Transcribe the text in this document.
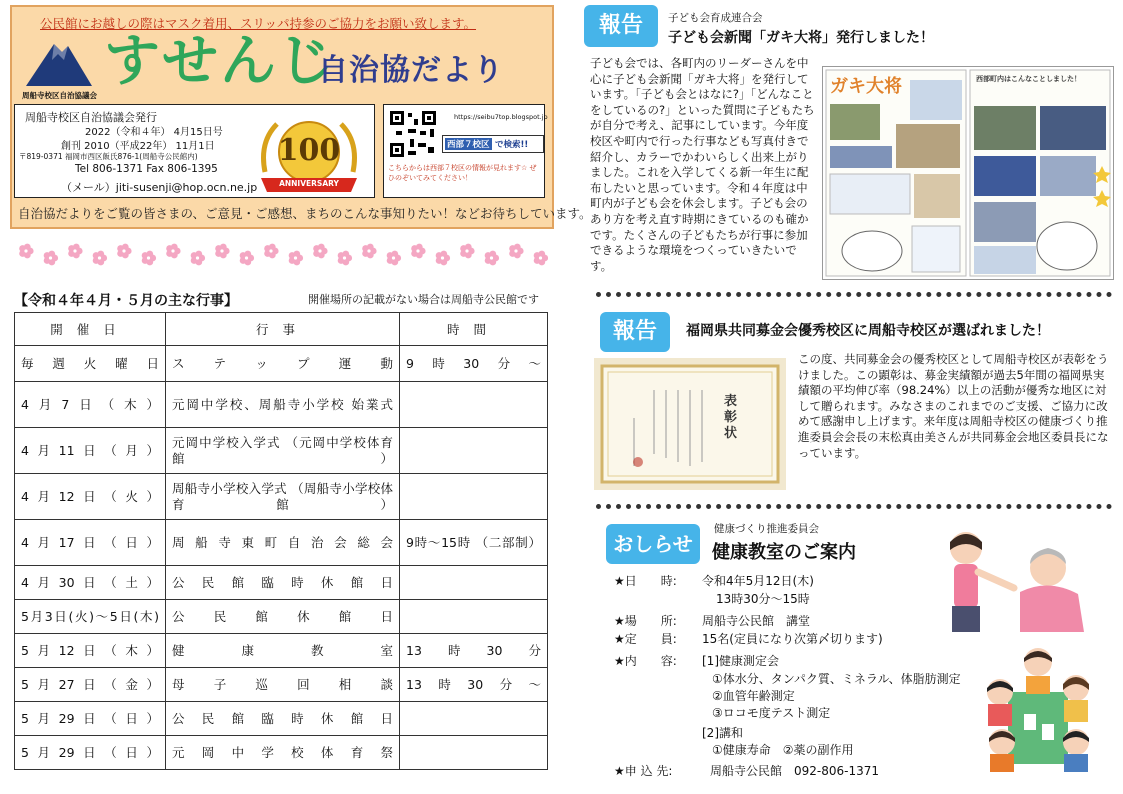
公民館にお越しの際はマスク着用、スリッパ持参のご協力をお願い致します。
すせんじ
自治協だより
周船寺校区自治協議会
周船寺校区自治協議会発行
2022（令和４年） 4月15日号
創刊 2010（平成22年） 11月1日
〒819-0371 福岡市西区飯氏876-1(周船寺公民館内)
Tel 806-1371 Fax 806-1395
（メール）jiti-susenji@hop.ocn.ne.jp
100
ANNIVERSARY
https://seibu7top.blogspot.jp
西部７校区 で検索!!
こちらからは西部７校区の情報が見れます☆ ぜひのぞいてみてください！
自治協だよりをご覧の皆さまの、ご意見・ご感想、まちのこんな事知りたい！などお待ちしています。
【令和４年４月・５月の主な行事】	開催場所の記載がない場合は周船寺公民館です
開催日	行事	時間
毎週火曜日	ステップ運動	9時30分～
4月7日（木）	元岡中学校、周船寺小学校 始業式	
4月11日（月）	元岡中学校入学式 （元岡中学校体育館）	
4月12日（火）	周船寺小学校入学式 （周船寺小学校体育館）	
4月17日（日）	周船寺東町自治会総会	9時～15時 （二部制）
4月30日（土）	公民館臨時休館日	
5月3日(火)～5日(木)	公民館休館日	
5月12日（木）	健康教室	13時30分
5月27日（金）	母子巡回相談	13時30分～
5月29日（日）	公民館臨時休館日	
5月29日（日）	元岡中学校体育祭	
報告	子ども会育成連合会
子ども会新聞「ガキ大将」発行しました！
子ども会では、各町内のリーダーさんを中心に子ども会新聞「ガキ大将」を発行しています。「子ども会とはなに?」「どんなことをしているの?」といった質問に子どもたちが自分で考え、記事にしています。今年度校区や町内で行った行事なども写真付きで紹介し、カラーでかわいらしく出来上がりました。これを入学してくる新一年生に配布したいと思っています。令和４年度は中町内が子ども会を休会します。子ども会のあり方を考え直す時期にきているのも確かです。たくさんの子どもたちが行事に参加できるような環境をつくっていきたいです。
ガキ大将	西部町内はこんなことしました！
報告	福岡県共同募金会優秀校区に周船寺校区が選ばれました！
表彰状
この度、共同募金会の優秀校区として周船寺校区が表彰をうけました。この顕彰は、募金実績額が過去5年間の福岡県実績額の平均伸び率（98.24%）以上の活動が優秀な地区に対して贈られます。みなさまのこれまでのご支援、ご協力に改めて感謝申し上げます。来年度は周船寺校区の健康づくり推進委員会会長の末松真由美さんが共同募金会地区委員長になっています。
おしらせ
健康づくり推進委員会
健康教室のご案内
★日　　時: 令和4年5月12日(木)
13時30分～15時
★場　　所: 周船寺公民館　講堂
★定　　員: 15名(定員になり次第〆切ります)
★内　　容: [1]健康測定会
①体水分、タンパク質、ミネラル、体脂肪測定
②血管年齢測定
③ロコモ度テスト測定
[2]講和
①健康寿命　②薬の副作用
★申 込 先:	周船寺公民館　092-806-1371
